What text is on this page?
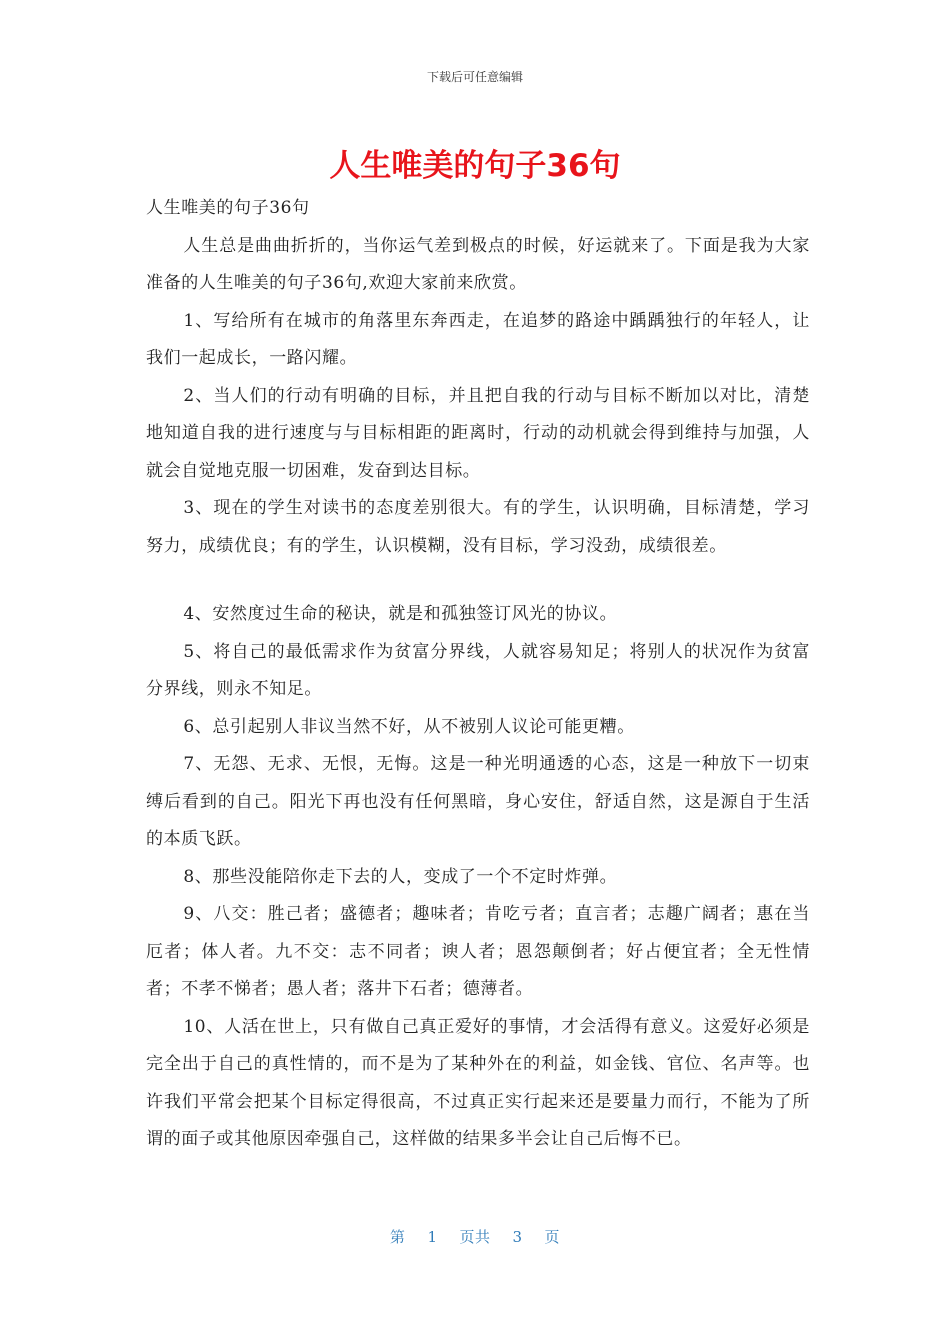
下载后可任意编辑
人生唯美的句子36句

人生唯美的句子36句

人生总是曲曲折折的，当你运气差到极点的时候，好运就来了。下面是我为大家准备的人生唯美的句子36句,欢迎大家前来欣赏。

1、写给所有在城市的角落里东奔西走，在追梦的路途中踽踽独行的年轻人，让我们一起成长，一路闪耀。

2、当人们的行动有明确的目标，并且把自我的行动与目标不断加以对比，清楚地知道自我的进行速度与与目标相距的距离时，行动的动机就会得到维持与加强，人就会自觉地克服一切困难，发奋到达目标。

3、现在的学生对读书的态度差别很大。有的学生，认识明确，目标清楚，学习努力，成绩优良；有的学生，认识模糊，没有目标，学习没劲，成绩很差。

4、安然度过生命的秘诀，就是和孤独签订风光的协议。

5、将自己的最低需求作为贫富分界线，人就容易知足；将别人的状况作为贫富分界线，则永不知足。

6、总引起别人非议当然不好，从不被别人议论可能更糟。

7、无怨、无求、无恨，无悔。这是一种光明通透的心态，这是一种放下一切束缚后看到的自己。阳光下再也没有任何黑暗，身心安住，舒适自然，这是源自于生活的本质飞跃。

8、那些没能陪你走下去的人，变成了一个不定时炸弹。

9、八交：胜己者；盛德者；趣味者；肯吃亏者；直言者；志趣广阔者；惠在当厄者；体人者。九不交：志不同者；谀人者；恩怨颠倒者；好占便宜者；全无性情者；不孝不悌者；愚人者；落井下石者；德薄者。

10、人活在世上，只有做自己真正爱好的事情，才会活得有意义。这爱好必须是完全出于自己的真性情的，而不是为了某种外在的利益，如金钱、官位、名声等。也许我们平常会把某个目标定得很高，不过真正实行起来还是要量力而行，不能为了所谓的面子或其他原因牵强自己，这样做的结果多半会让自己后悔不已。

第 1 页共 3 页
